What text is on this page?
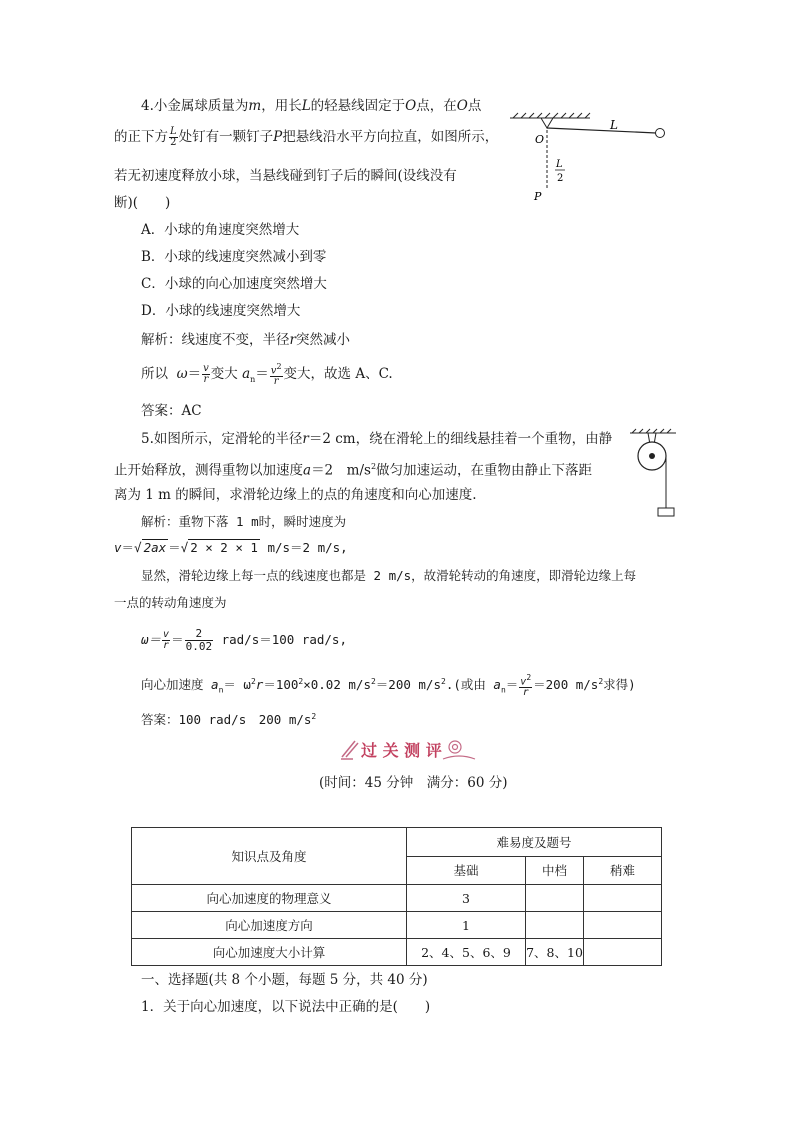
4.小金属球质量为m，用长L的轻悬线固定于O点，在O点
的正下方 $\frac{L}{2}$ 处钉有一颗钉子P把悬线沿水平方向拉直，如图所示，
若无初速度释放小球，当悬线碰到钉子后的瞬间(设线没有
断)(　　)
A．小球的角速度突然增大
B．小球的线速度突然减小到零
C．小球的向心加速度突然增大
D．小球的线速度突然增大
解析：线速度不变，半径r突然减小
所以 $\omega= \frac{v}{r}$ 变大 $a_n= \frac{v^2}{r}$ 变大，故选 A、C.
答案：AC
L
O
L
2
P
5.如图所示，定滑轮的半径r＝2 cm，绕在滑轮上的细线悬挂着一个重物，由静
止开始释放，测得重物以加速度a＝2　$m/s^2$做匀加速运动，在重物由静止下落距
离为 1 m 的瞬间，求滑轮边缘上的点的角速度和向心加速度.
解析：重物下落 1 m时，瞬时速度为
v＝√ 2ax ＝√ 2 × 2 × 1 m/s＝2 m/s,
显然，滑轮边缘上每一点的线速度也都是 2 m/s，故滑轮转动的角速度，即滑轮边缘上每
一点的转动角速度为
$\omega= \frac{v}{r} = \frac{2}{0.02} rad/s=100$ rad/s,
向心加速度 $a_n= \omega^2r=100^2\times 0.02$ $m/s^2=200$ $m/s^2$.(或由 $a_n= \frac{v^2}{r} =200$ $m/s^2$求得)
答案：100 rad/s　200 $m/s^2$
过 关 测 评
(时间：45 分钟　满分：60 分)
知识点及角度	难易度及题号		
	基础	中档	稍难
向心加速度的物理意义	3		
向心加速度方向	1		
向心加速度大小计算	2、4、5、6、9	7、8、10	
一、选择题(共 8 个小题，每题 5 分，共 40 分)
1．关于向心加速度，以下说法中正确的是(　　)
